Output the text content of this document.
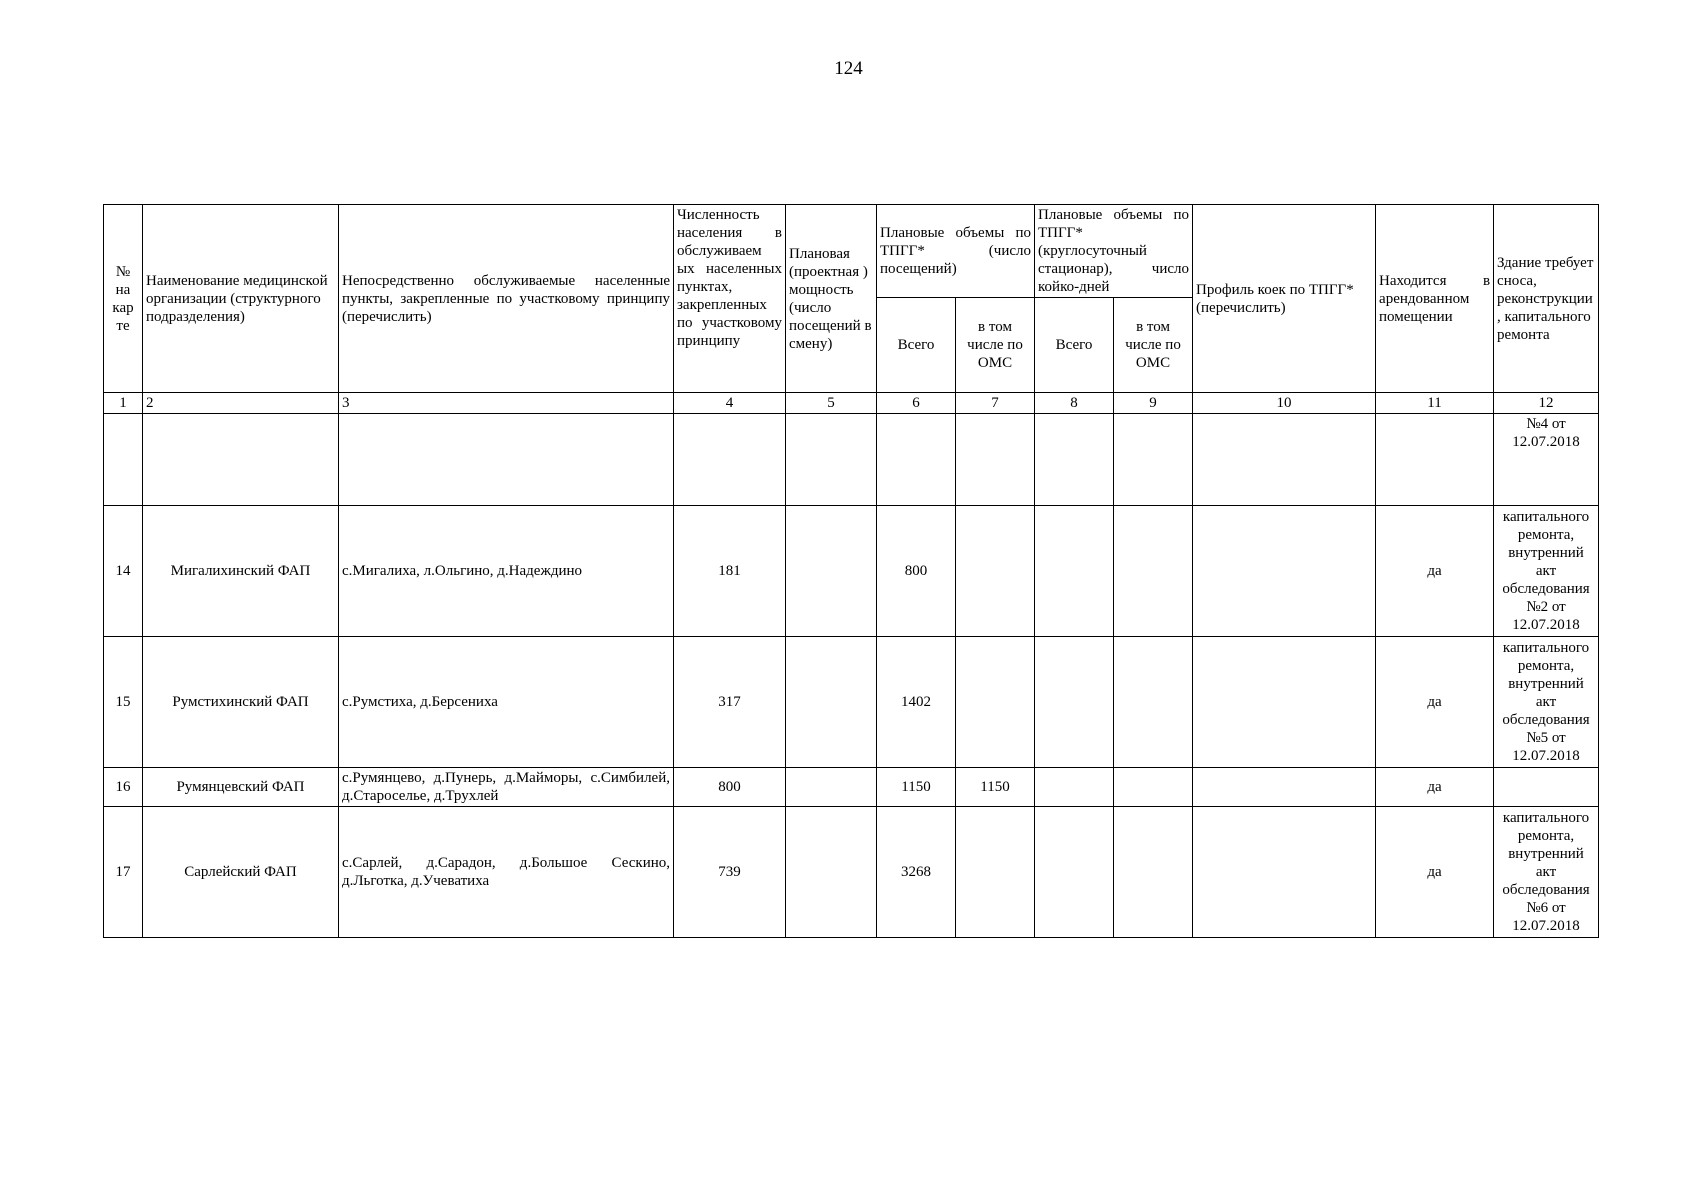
124
№ на кар те	Наименование медицинской организации (структурного подразделения)	Непосредственно обслуживаемые населенные пункты, закрепленные по участковому принципу (перечислить)	Численность населения в обслуживаем ых населенных пунктах, закрепленных по участковому принципу	Плановая (проектная ) мощность (число посещений в смену)	Плановые объемы по ТПГГ* (число посещений)		Плановые объемы по ТПГГ* (круглосуточный стационар), число койко-дней		Профиль коек по ТПГГ* (перечислить)	Находится в арендованном помещении	Здание требует сноса, реконструкции , капитального ремонта
					Всего	в том числе по ОМС	Всего	в том числе по ОМС			
1	2	3	4	5	6	7	8	9	10	11	12
											№4 от 12.07.2018
14	Мигалихинский ФАП	с.Мигалиха, л.Ольгино, д.Надеждино	181		800					да	капитального ремонта, внутренний акт обследования №2 от 12.07.2018
15	Румстихинский ФАП	с.Румстиха, д.Берсениха	317		1402					да	капитального ремонта, внутренний акт обследования №5 от 12.07.2018
16	Румянцевский ФАП	с.Румянцево, д.Пунерь, д.Майморы, с.Симбилей, д.Староселье, д.Трухлей	800		1150	1150				да	
17	Сарлейский ФАП	с.Сарлей, д.Сарадон, д.Большое Сескино, д.Льготка, д.Учеватиха	739		3268					да	капитального ремонта, внутренний акт обследования №6 от 12.07.2018
